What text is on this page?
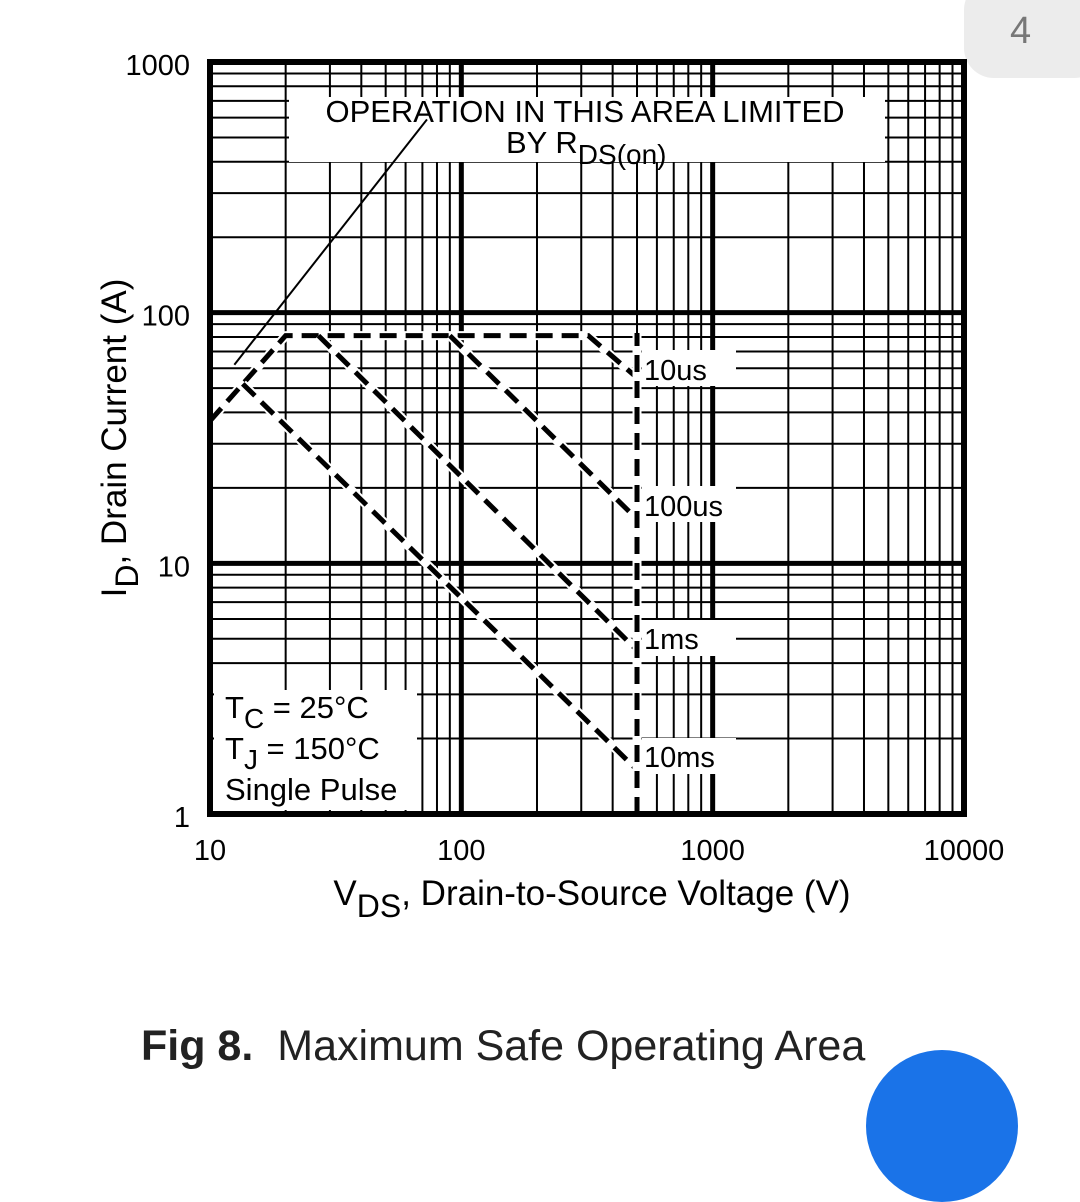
4
OPERATION IN THIS AREA LIMITED
BY RDS(on)
10us
100us
1ms
10ms
TC = 25°C
TJ = 150°C
Single Pulse
10	100	1000	10000
1
10
100
1000
VDS, Drain-to-Source Voltage (V)
ID, Drain Current (A)
Fig 8. Maximum Safe Operating Area
